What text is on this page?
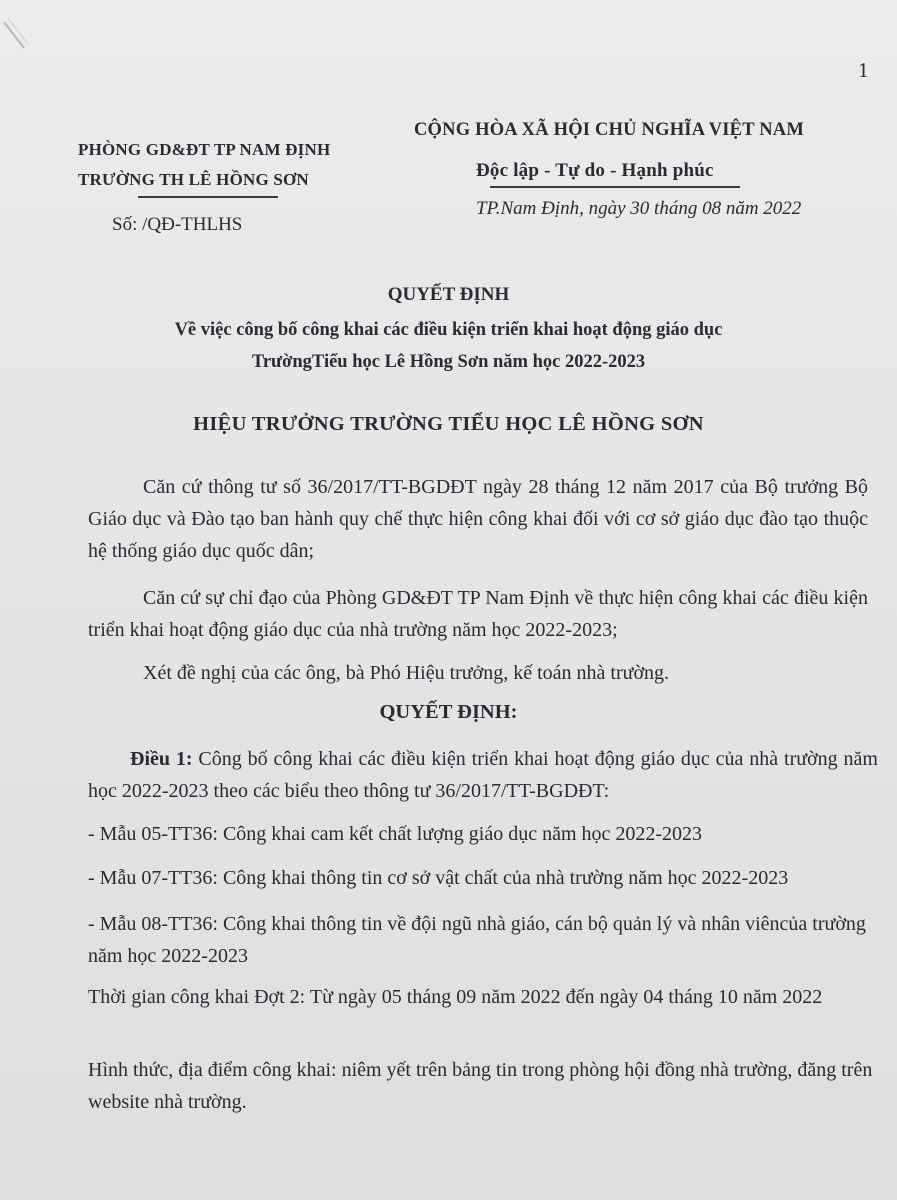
1
PHÒNG GD&ĐT TP NAM ĐỊNH
TRƯỜNG TH LÊ HỒNG SƠN
Số: /QĐ-THLHS
CỘNG HÒA XÃ HỘI CHỦ NGHĨA VIỆT NAM
Độc lập - Tự do - Hạnh phúc
TP.Nam Định, ngày 30 tháng 08 năm 2022
QUYẾT ĐỊNH
Về việc công bố công khai các điều kiện triển khai hoạt động giáo dục
TrườngTiểu học Lê Hồng Sơn năm học 2022-2023
HIỆU TRƯỞNG TRƯỜNG TIỂU HỌC LÊ HỒNG SƠN
Căn cứ thông tư số 36/2017/TT-BGDĐT ngày 28 tháng 12 năm 2017 của Bộ trưởng Bộ Giáo dục và Đào tạo ban hành quy chế thực hiện công khai đối với cơ sở giáo dục đào tạo thuộc hệ thống giáo dục quốc dân;
Căn cứ sự chỉ đạo của Phòng GD&ĐT TP Nam Định về thực hiện công khai các điều kiện triển khai hoạt động giáo dục của nhà trường năm học 2022-2023;
Xét đề nghị của các ông, bà Phó Hiệu trưởng, kế toán nhà trường.
QUYẾT ĐỊNH:
Điều 1: Công bố công khai các điều kiện triển khai hoạt động giáo dục của nhà trường năm học 2022-2023 theo các biểu theo thông tư 36/2017/TT-BGDĐT:
- Mẫu 05-TT36: Công khai cam kết chất lượng giáo dục năm học 2022-2023
- Mẫu 07-TT36: Công khai thông tin cơ sở vật chất của nhà trường năm học 2022-2023
- Mẫu 08-TT36: Công khai thông tin về đội ngũ nhà giáo, cán bộ quản lý và nhân viêncủa trường năm học 2022-2023
Thời gian công khai Đợt 2: Từ ngày 05 tháng 09 năm 2022 đến ngày 04 tháng 10 năm 2022
Hình thức, địa điểm công khai: niêm yết trên bảng tin trong phòng hội đồng nhà trường, đăng trên website nhà trường.
